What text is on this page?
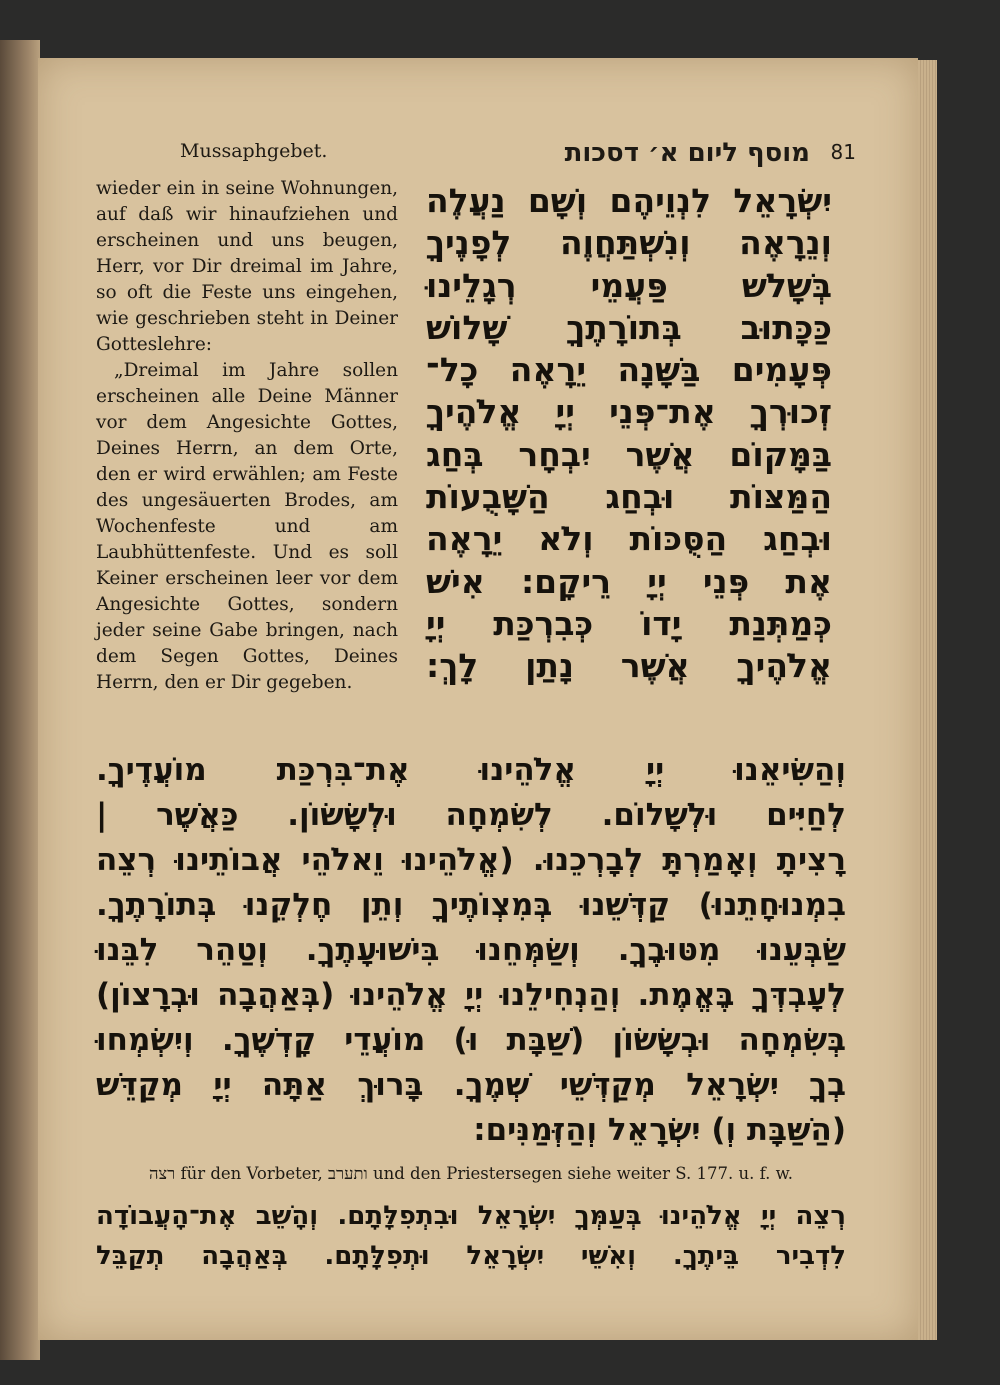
Mussaphgebet.	מוסף ליום א׳ דסכות 81

wieder ein in seine Wohnungen, auf daß wir hinaufziehen und erscheinen und uns beugen, Herr, vor Dir dreimal im Jahre, so oft die Feste uns eingehen, wie geschrieben steht in Deiner Gotteslehre:

„Dreimal im Jahre sollen erscheinen alle Deine Männer vor dem Angesichte Gottes, Deines Herrn, an dem Orte, den er wird erwählen; am Feste des ungesäuerten Brodes, am Wochenfeste und am Laubhüttenfeste. Und es soll Keiner erscheinen leer vor dem Angesichte Gottes, sondern jeder seine Gabe bringen, nach dem Segen Gottes, Deines Herrn, den er Dir gegeben.

יִשְׂרָאֵל לִנְוֵיהֶם וְשָׁם נַעֲלֶה
וְנֵרָאֶה וְנִשְׁתַּחֲוֶה לְפָנֶיךָ
בְּשָׁלשׁ פַּעֲמֵי רְגָלֵינוּ
כַּכָּתוּב בְּתוֹרָתֶךָ שָׁלוֹשׁ
פְּעָמִים בַּשָּׁנָה יֵרָאֶה כָל־
זְכוּרְךָ אֶת־פְּנֵי יְיָ אֱלֹהֶיךָ
בַּמָּקוֹם אֲשֶׁר יִבְחָר בְּחַג
הַמַּצּוֹת וּבְחַג הַשָּׁבֻעוֹת
וּבְחַג הַסֻּכּוֹת וְלֹא יֵרָאֶה
אֶת פְּנֵי יְיָ רֵיקָם: אִישׁ
כְּמַתְּנַת יָדוֹ כְּבִרְכַּת יְיָ
אֱלֹהֶיךָ אֲשֶׁר נָתַן לָךְ:
וְהַשִּׂיאֵנוּ יְיָ אֱלֹהֵינוּ אֶת־בִּרְכַּת מוֹעֲדֶיךָ.
לְחַיִּים וּלְשָׁלוֹם. לְשִׂמְחָה וּלְשָׂשׂוֹן. כַּאֲשֶׁר |
רָצִיתָ וְאָמַרְתָּ לְבָרְכֵנוּ. (אֱלֹהֵינוּ וֵאלֹהֵי אֲבוֹתֵינוּ רְצֵה
בִמְנוּחָתֵנוּ) קַדְּשֵׁנוּ בְּמִצְוֹתֶיךָ וְתֵן חֶלְקֵנוּ בְּתוֹרָתֶךָ.
שַׂבְּעֵנוּ מִטּוּבֶךָ. וְשַׂמְּחֵנוּ בִּישׁוּעָתֶךָ. וְטַהֵר לִבֵּנוּ
לְעָבְדְּךָ בֶּאֱמֶת. וְהַנְחִילֵנוּ יְיָ אֱלֹהֵינוּ (בְּאַהֲבָה וּבְרָצוֹן)
בְּשִׂמְחָה וּבְשָׂשׂוֹן (שַׁבָּת וּ) מוֹעֲדֵי קָדְשֶׁךָ. וְיִשְׂמְחוּ
בְךָ יִשְׂרָאֵל מְקַדְּשֵׁי שְׁמֶךָ. בָּרוּךְ אַתָּה יְיָ מְקַדֵּשׁ
(הַשַּׁבָּת וְ) יִשְׂרָאֵל וְהַזְּמַנִּים:
רצה für den Vorbeter, ותערב und den Priestersegen siehe weiter S. 177. u. f. w.
רְצֵה יְיָ אֱלֹהֵינוּ בְּעַמְּךָ יִשְׂרָאֵל וּבִתְפִלָּתָם. וְהָשֵׁב אֶת־הָעֲבוֹדָה
לִדְבִיר בֵּיתֶךָ. וְאִשֵּׁי יִשְׂרָאֵל וּתְפִלָּתָם. בְּאַהֲבָה תְקַבֵּל
